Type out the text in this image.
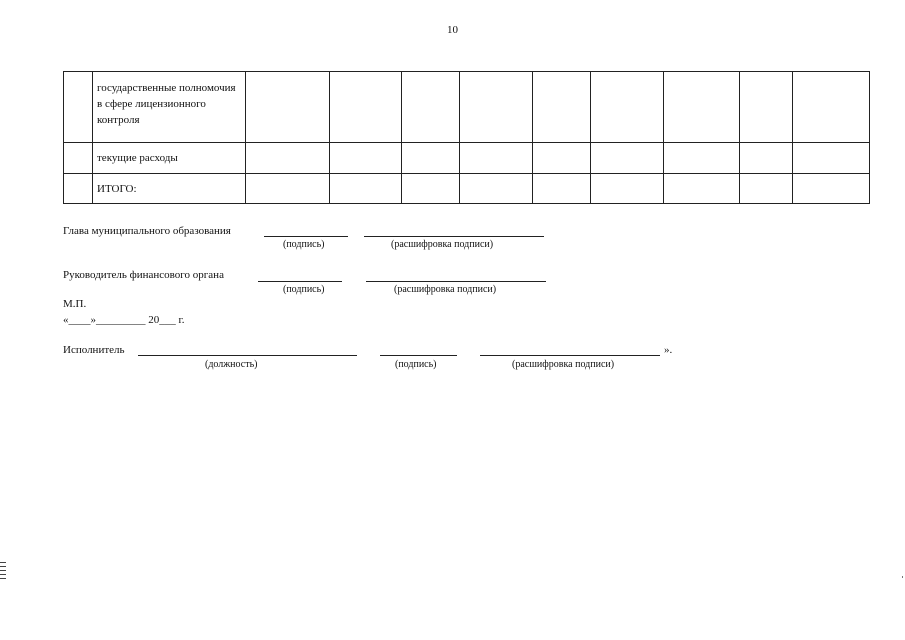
10
	государственные полномочия в сфере лицензионного контроля									
	текущие расходы									
	ИТОГО:									
Глава муниципального образования
(подпись)	(расшифровка подписи)
Руководитель финансового органа
(подпись)	(расшифровка подписи)
М.П.
«____»_________ 20___ г.
Исполнитель	».
(должность)	(подпись)	(расшифровка подписи)
